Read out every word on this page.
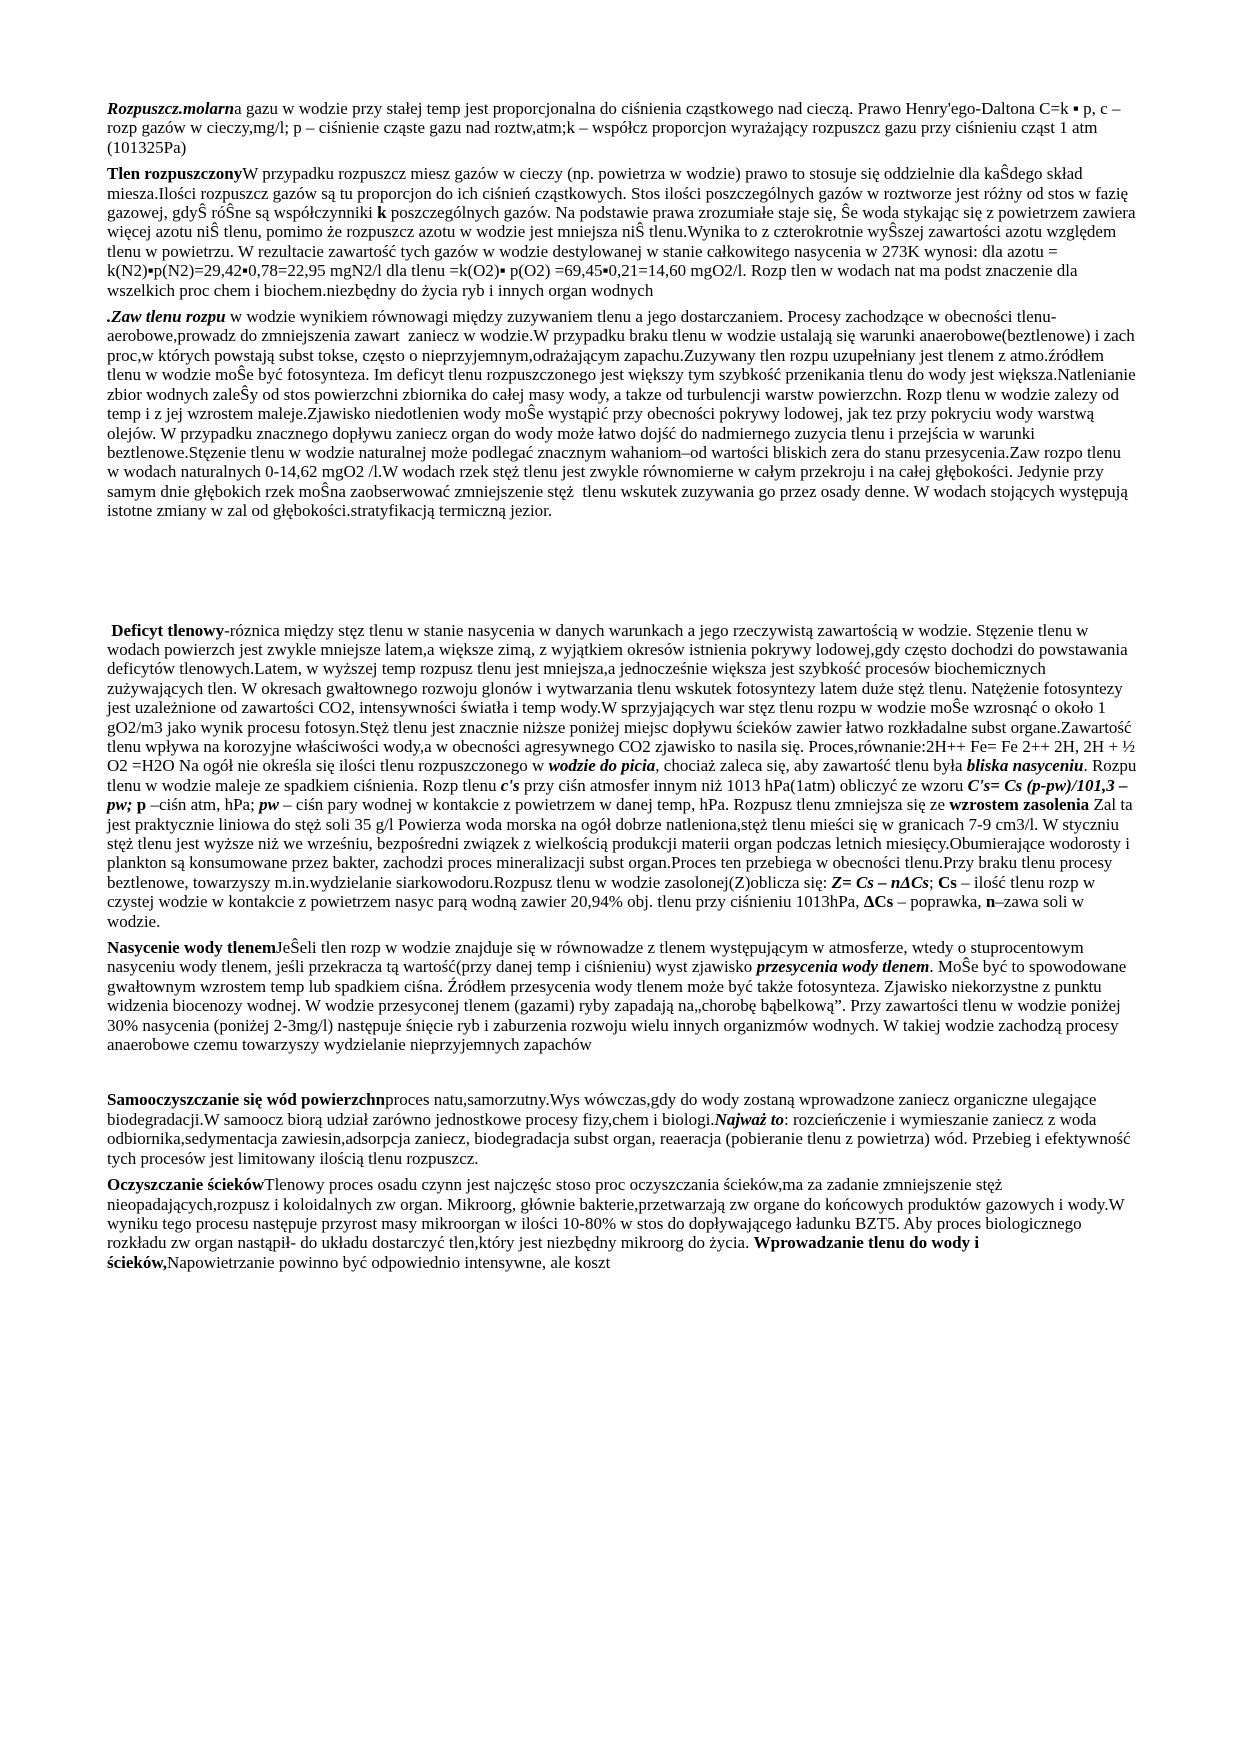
Rozpuszcz.molarna gazu w wodzie przy stałej temp jest proporcjonalna do ciśnienia cząstkowego nad cieczą. Prawo Henry'ego-Daltona C=k ▪ p, c – rozp gazów w cieczy,mg/l; p – ciśnienie cząste gazu nad roztw,atm;k – współcz proporcjon wyrażający rozpuszcz gazu przy ciśnieniu cząst 1 atm (101325Pa)

Tlen rozpuszczonyW przypadku rozpuszcz miesz gazów w cieczy (np. powietrza w wodzie) prawo to stosuje się oddzielnie dla kaŜdego skład miesza.Ilości rozpuszcz gazów są tu proporcjon do ich ciśnień cząstkowych. Stos ilości poszczególnych gazów w roztworze jest różny od stos w fazię gazowej, gdyŜ róŜne są współczynniki k poszczególnych gazów. Na podstawie prawa zrozumiałe staje się, Ŝe woda stykając się z powietrzem zawiera więcej azotu niŜ tlenu, pomimo że rozpuszcz azotu w wodzie jest mniejsza niŜ tlenu.Wynika to z czterokrotnie wyŜszej zawartości azotu względem tlenu w powietrzu. W rezultacie zawartość tych gazów w wodzie destylowanej w stanie całkowitego nasycenia w 273K wynosi: dla azotu = k(N2)▪p(N2)=29,42▪0,78=22,95 mgN2/l dla tlenu =k(O2)▪ p(O2) =69,45▪0,21=14,60 mgO2/l. Rozp tlen w wodach nat ma podst znaczenie dla wszelkich proc chem i biochem.niezbędny do życia ryb i innych organ wodnych

.Zaw tlenu rozpu w wodzie wynikiem równowagi między zuzywaniem tlenu a jego dostarczaniem. Procesy zachodzące w obecności tlenu-aerobowe,prowadz do zmniejszenia zawart  zaniecz w wodzie.W przypadku braku tlenu w wodzie ustalają się warunki anaerobowe(beztlenowe) i zach proc,w których powstają subst tokse, często o nieprzyjemnym,odrażającym zapachu.Zuzywany tlen rozpu uzupełniany jest tlenem z atmo.źródłem tlenu w wodzie moŜe być fotosynteza. Im deficyt tlenu rozpuszczonego jest większy tym szybkość przenikania tlenu do wody jest większa.Natlenianie zbior wodnych zaleŜy od stos powierzchni zbiornika do całej masy wody, a takze od turbulencji warstw powierzchn. Rozp tlenu w wodzie zalezy od temp i z jej wzrostem maleje.Zjawisko niedotlenien wody moŜe wystąpić przy obecności pokrywy lodowej, jak tez przy pokryciu wody warstwą olejów. W przypadku znacznego dopływu zaniecz organ do wody może łatwo dojść do nadmiernego zuzycia tlenu i przejścia w warunki beztlenowe.Stęzenie tlenu w wodzie naturalnej może podlegać znacznym wahaniom–od wartości bliskich zera do stanu przesycenia.Zaw rozpo tlenu w wodach naturalnych 0-14,62 mgO2 /l.W wodach rzek stęż tlenu jest zwykle równomierne w całym przekroju i na całej głębokości. Jedynie przy samym dnie głębokich rzek moŜna zaobserwować zmniejszenie stęż  tlenu wskutek zuzywania go przez osady denne. W wodach stojących występują istotne zmiany w zal od głębokości.stratyfikacją termiczną jezior.

Deficyt tlenowy-róznica między stęz tlenu w stanie nasycenia w danych warunkach a jego rzeczywistą zawartością w wodzie. Stęzenie tlenu w wodach powierzch jest zwykle mniejsze latem,a większe zimą, z wyjątkiem okresów istnienia pokrywy lodowej,gdy często dochodzi do powstawania deficytów tlenowych.Latem, w wyższej temp rozpusz tlenu jest mniejsza,a jednocześnie większa jest szybkość procesów biochemicznych zużywających tlen. W okresach gwałtownego rozwoju glonów i wytwarzania tlenu wskutek fotosyntezy latem duże stęż tlenu. Natężenie fotosyntezy jest uzależnione od zawartości CO2, intensywności światła i temp wody.W sprzyjających war stęz tlenu rozpu w wodzie moŜe wzrosnąć o około 1 gO2/m3 jako wynik procesu fotosyn.Stęż tlenu jest znacznie niższe poniżej miejsc dopływu ścieków zawier łatwo rozkładalne subst organe.Zawartość tlenu wpływa na korozyjne właściwości wody,a w obecności agresywnego CO2 zjawisko to nasila się. Proces,równanie:2H++ Fe= Fe 2++ 2H, 2H + ½ O2 =H2O Na ogół nie określa się ilości tlenu rozpuszczonego w wodzie do picia, chociaż zaleca się, aby zawartość tlenu była bliska nasyceniu. Rozpu tlenu w wodzie maleje ze spadkiem ciśnienia. Rozp tlenu c's przy ciśn atmosfer innym niż 1013 hPa(1atm) obliczyć ze wzoru C's= Cs (p-pw)/101,3 – pw; p –ciśn atm, hPa; pw – ciśn pary wodnej w kontakcie z powietrzem w danej temp, hPa. Rozpusz tlenu zmniejsza się ze wzrostem zasolenia Zal ta jest praktycznie liniowa do stęż soli 35 g/l Powierza woda morska na ogół dobrze natleniona,stęż tlenu mieści się w granicach 7-9 cm3/l. W styczniu stęż tlenu jest wyższe niż we wrześniu, bezpośredni związek z wielkością produkcji materii organ podczas letnich miesięcy.Obumierające wodorosty i plankton są konsumowane przez bakter, zachodzi proces mineralizacji subst organ.Proces ten przebiega w obecności tlenu.Przy braku tlenu procesy beztlenowe, towarzyszy m.in.wydzielanie siarkowodoru.Rozpusz tlenu w wodzie zasolonej(Z)oblicza się: Z= Cs – nΔCs; Cs – ilość tlenu rozp w czystej wodzie w kontakcie z powietrzem nasyc parą wodną zawier 20,94% obj. tlenu przy ciśnieniu 1013hPa, ΔCs – poprawka, n–zawa soli w wodzie.

Nasycenie wody tlenemJeŜeli tlen rozp w wodzie znajduje się w równowadze z tlenem występującym w atmosferze, wtedy o stuprocentowym nasyceniu wody tlenem, jeśli przekracza tą wartość(przy danej temp i ciśnieniu) wyst zjawisko przesycenia wody tlenem. MoŜe być to spowodowane gwałtownym wzrostem temp lub spadkiem ciśna. Źródłem przesycenia wody tlenem może być także fotosynteza. Zjawisko niekorzystne z punktu widzenia biocenozy wodnej. W wodzie przesyconej tlenem (gazami) ryby zapadają na„chorobę bąbelkową”. Przy zawartości tlenu w wodzie poniżej 30% nasycenia (poniżej 2-3mg/l) następuje śnięcie ryb i zaburzenia rozwoju wielu innych organizmów wodnych. W takiej wodzie zachodzą procesy anaerobowe czemu towarzyszy wydzielanie nieprzyjemnych zapachów

Samooczyszczanie się wód powierzchnproces natu,samorzutny.Wys wówczas,gdy do wody zostaną wprowadzone zaniecz organiczne ulegające biodegradacji.W samoocz biorą udział zarówno jednostkowe procesy fizy,chem i biologi.Najważ to: rozcieńczenie i wymieszanie zaniecz z woda odbiornika,sedymentacja zawiesin,adsorpcja zaniecz, biodegradacja subst organ, reaeracja (pobieranie tlenu z powietrza) wód. Przebieg i efektywność tych procesów jest limitowany ilością tlenu rozpuszcz.

Oczyszczanie ściekówTlenowy proces osadu czynn jest najczęśc stoso proc oczyszczania ścieków,ma za zadanie zmniejszenie stęż nieopadających,rozpusz i koloidalnych zw organ. Mikroorg, głównie bakterie,przetwarzają zw organe do końcowych produktów gazowych i wody.W wyniku tego procesu następuje przyrost masy mikroorgan w ilości 10-80% w stos do dopływającego ładunku BZT5. Aby proces biologicznego rozkładu zw organ nastąpił- do układu dostarczyć tlen,który jest niezbędny mikroorg do życia. Wprowadzanie tlenu do wody i ścieków,Napowietrzanie powinno być odpowiednio intensywne, ale koszt
